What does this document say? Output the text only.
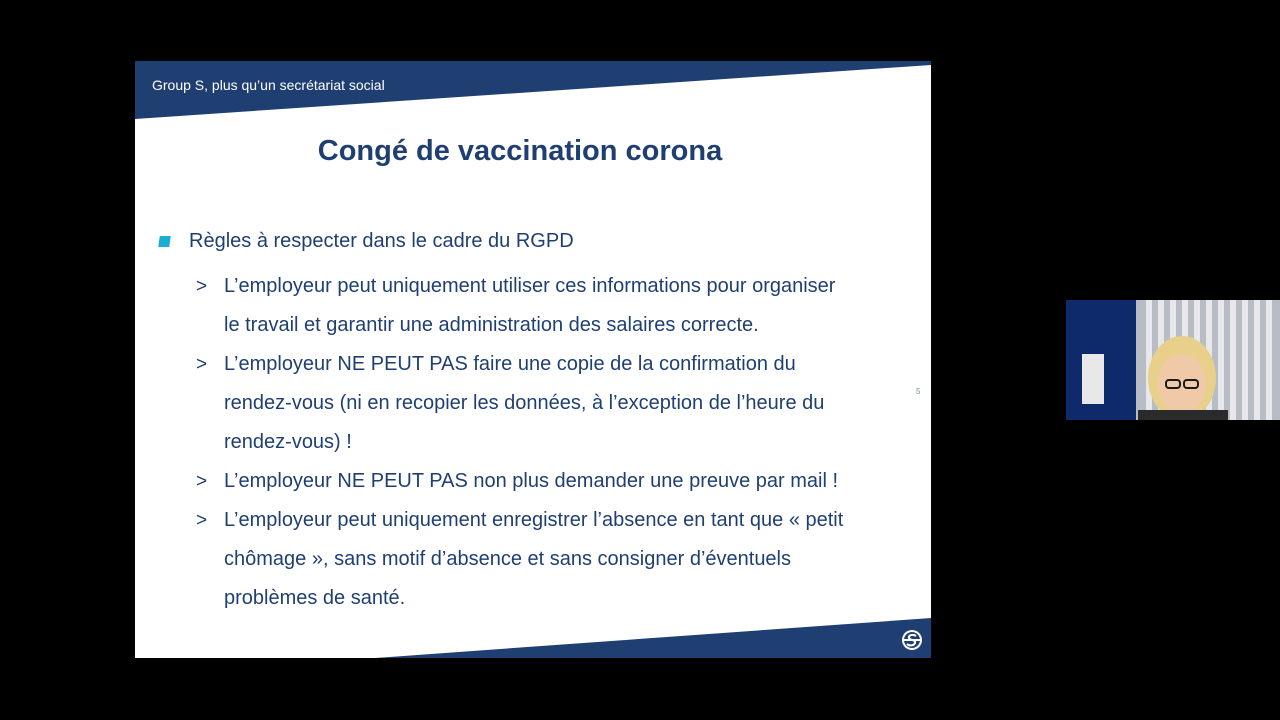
Group S, plus qu’un secrétariat social
Congé de vaccination corona
Règles à respecter dans le cadre du RGPD
> L’employeur peut uniquement utiliser ces informations pour organiser
le travail et garantir une administration des salaires correcte.
> L’employeur NE PEUT PAS faire une copie de la confirmation du
rendez-vous (ni en recopier les données, à l’exception de l’heure du
rendez-vous) !
> L’employeur NE PEUT PAS non plus demander une preuve par mail !
> L’employeur peut uniquement enregistrer l’absence en tant que « petit
chômage », sans motif d’absence et sans consigner d’éventuels
problèmes de santé.
5
